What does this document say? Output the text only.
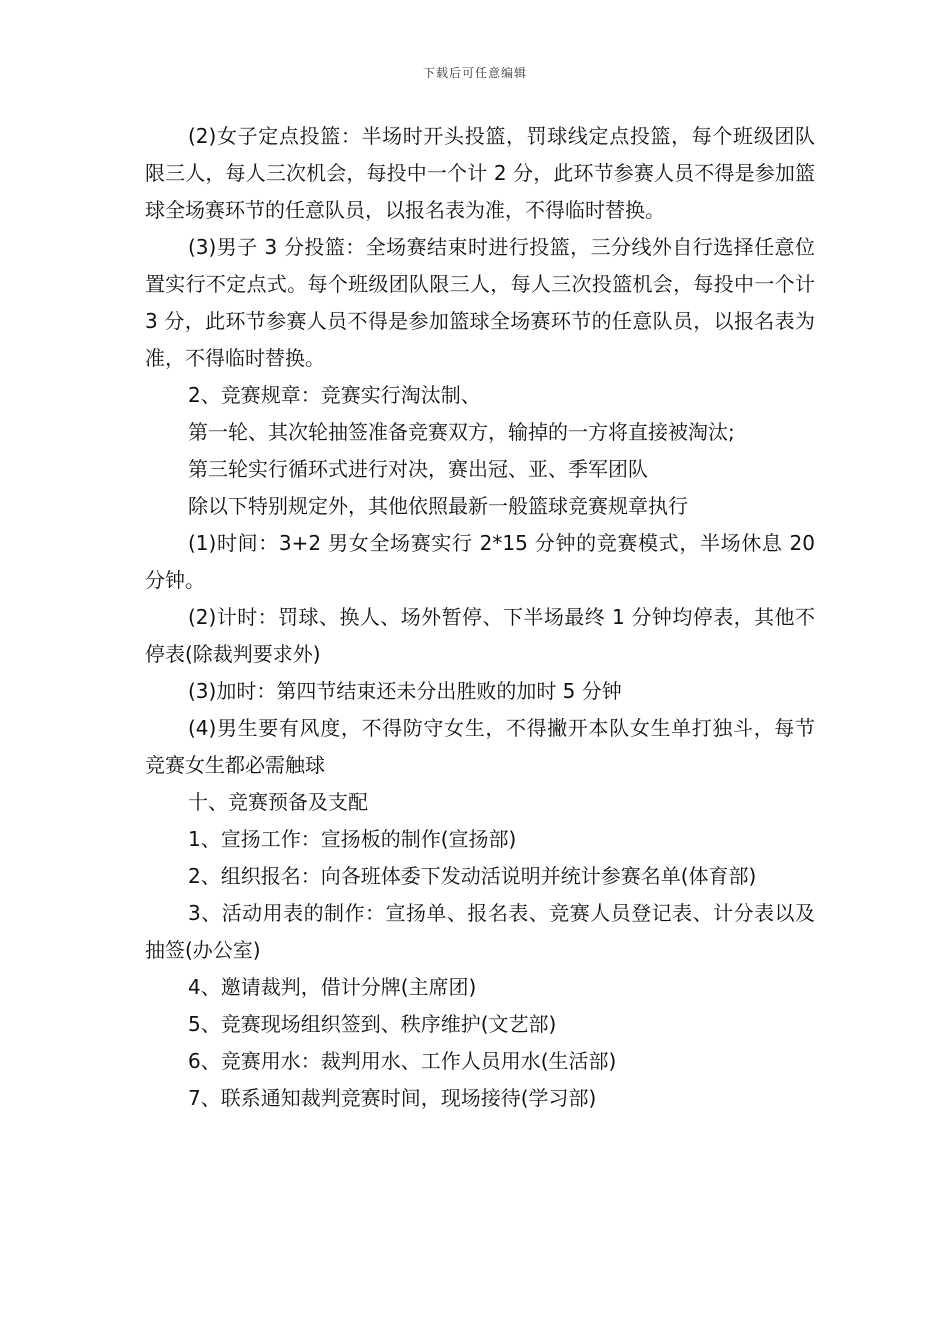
下载后可任意编辑

(2)女子定点投篮：半场时开头投篮，罚球线定点投篮，每个班级团队限三人，每人三次机会，每投中一个计 2 分，此环节参赛人员不得是参加篮球全场赛环节的任意队员，以报名表为准，不得临时替换。

(3)男子 3 分投篮：全场赛结束时进行投篮，三分线外自行选择任意位置实行不定点式。每个班级团队限三人，每人三次投篮机会，每投中一个计 3 分，此环节参赛人员不得是参加篮球全场赛环节的任意队员，以报名表为准，不得临时替换。

2、竞赛规章：竞赛实行淘汰制、

第一轮、其次轮抽签准备竞赛双方，输掉的一方将直接被淘汰;

第三轮实行循环式进行对决，赛出冠、亚、季军团队

除以下特别规定外，其他依照最新一般篮球竞赛规章执行

(1)时间：3+2 男女全场赛实行 2*15 分钟的竞赛模式，半场休息 20 分钟。

(2)计时：罚球、换人、场外暂停、下半场最终 1 分钟均停表，其他不停表(除裁判要求外)

(3)加时：第四节结束还未分出胜败的加时 5 分钟

(4)男生要有风度，不得防守女生，不得撇开本队女生单打独斗，每节竞赛女生都必需触球

十、竞赛预备及支配

1、宣扬工作：宣扬板的制作(宣扬部)

2、组织报名：向各班体委下发动活说明并统计参赛名单(体育部)

3、活动用表的制作：宣扬单、报名表、竞赛人员登记表、计分表以及抽签(办公室)

4、邀请裁判，借计分牌(主席团)

5、竞赛现场组织签到、秩序维护(文艺部)

6、竞赛用水：裁判用水、工作人员用水(生活部)

7、联系通知裁判竞赛时间，现场接待(学习部)
